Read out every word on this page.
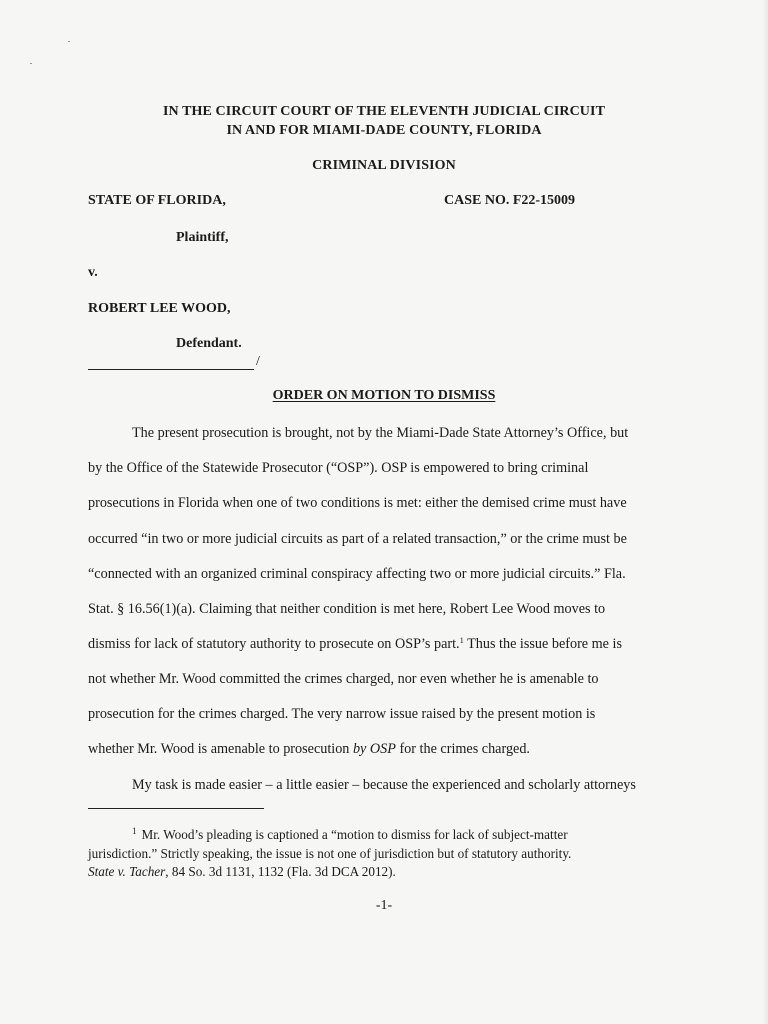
IN THE CIRCUIT COURT OF THE ELEVENTH JUDICIAL CIRCUIT
IN AND FOR MIAMI-DADE COUNTY, FLORIDA
CRIMINAL DIVISION
STATE OF FLORIDA,	CASE NO. F22-15009
Plaintiff,
v.
ROBERT LEE WOOD,
Defendant.
/
ORDER ON MOTION TO DISMISS
The present prosecution is brought, not by the Miami-Dade State Attorney’s Office, but
by the Office of the Statewide Prosecutor (“OSP”). OSP is empowered to bring criminal
prosecutions in Florida when one of two conditions is met: either the demised crime must have
occurred “in two or more judicial circuits as part of a related transaction,” or the crime must be
“connected with an organized criminal conspiracy affecting two or more judicial circuits.” Fla.
Stat. § 16.56(1)(a). Claiming that neither condition is met here, Robert Lee Wood moves to
dismiss for lack of statutory authority to prosecute on OSP’s part.$^1$ Thus the issue before me is
not whether Mr. Wood committed the crimes charged, nor even whether he is amenable to
prosecution for the crimes charged. The very narrow issue raised by the present motion is
whether Mr. Wood is amenable to prosecution by OSP for the crimes charged.
My task is made easier – a little easier – because the experienced and scholarly attorneys
$^1$ Mr. Wood’s pleading is captioned a “motion to dismiss for lack of subject-matter
jurisdiction.” Strictly speaking, the issue is not one of jurisdiction but of statutory authority.
State v. Tacher, 84 So. 3d 1131, 1132 (Fla. 3d DCA 2012).
-1-
